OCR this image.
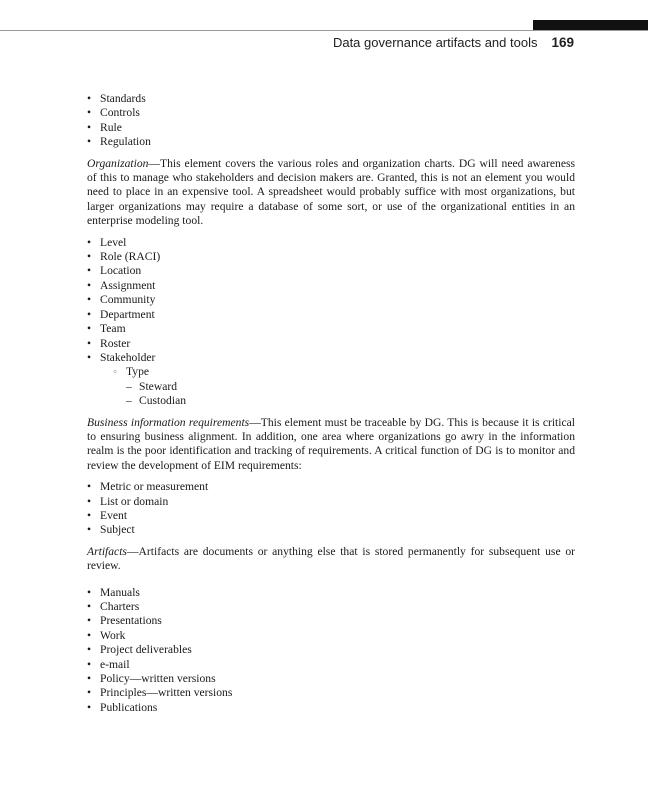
Data governance artifacts and tools 169
• Standards
• Controls
• Rule
• Regulation

Organization—This element covers the various roles and organization charts. DG will need awareness of this to manage who stakeholders and decision makers are. Granted, this is not an element you would need to place in an expensive tool. A spreadsheet would probably suffice with most organizations, but larger organizations may require a database of some sort, or use of the organizational entities in an enterprise modeling tool.

• Level
• Role (RACI)
• Location
• Assignment
• Community
• Department
• Team
• Roster
• Stakeholder
◦ Type
– Steward
– Custodian

Business information requirements—This element must be traceable by DG. This is because it is critical to ensuring business alignment. In addition, one area where organizations go awry in the information realm is the poor identification and tracking of requirements. A critical function of DG is to monitor and review the development of EIM requirements:

• Metric or measurement
• List or domain
• Event
• Subject

Artifacts—Artifacts are documents or anything else that is stored permanently for subsequent use or review.

• Manuals
• Charters
• Presentations
• Work
• Project deliverables
• e-mail
• Policy—written versions
• Principles—written versions
• Publications
